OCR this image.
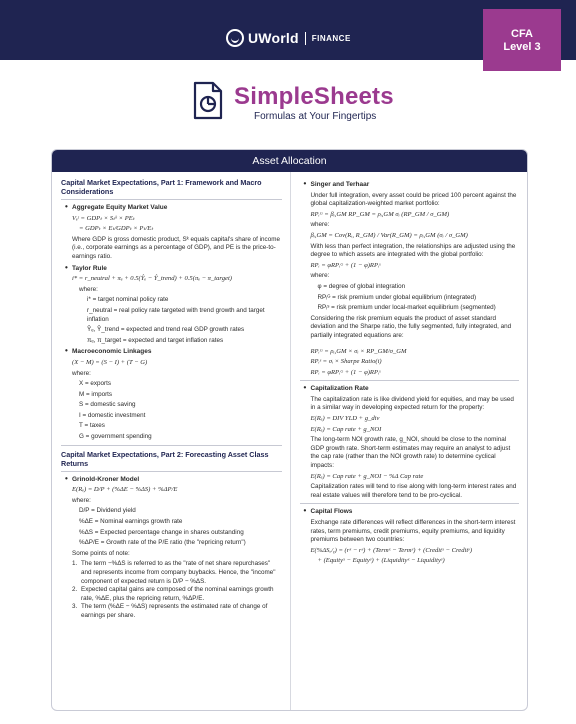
UWorld FINANCE	CFA
Level 3
SimpleSheets
Formulas at Your Fingertips
Asset Allocation
Capital Market Expectations, Part 1: Framework and Macro Considerations
• Aggregate Equity Market Value
Vₑᵗ = GDPₜ × Sₜᵏ × PEₜ
= GDPₜ × Eₜ/GDPₜ × Pₜ/Eₜ
Where GDP is gross domestic product, Sᵏ equals capital's share of income (i.e., corporate earnings as a percentage of GDP), and PE is the price-to-earnings ratio.
• Taylor Rule
i* = r_neutral + πₑ + 0.5(Ŷₑ − Ŷ_trend) + 0.5(πₑ − π_target)
where:
i* = target nominal policy rate
r_neutral = real policy rate targeted with trend growth and target inflation
Ŷₑ, Ŷ_trend = expected and trend real GDP growth rates
πₑ, π_target = expected and target inflation rates
• Macroeconomic Linkages
(X − M) = (S − I) + (T − G)
where:
X = exports
M = imports
S = domestic saving
I = domestic investment
T = taxes
G = government spending
Capital Market Expectations, Part 2: Forecasting Asset Class Returns
• Grinold-Kroner Model
E(Rₑ) = D/P + (%ΔE − %ΔS) + %ΔP/E
where:
D/P = Dividend yield
%ΔE = Nominal earnings growth rate
%ΔS = Expected percentage change in shares outstanding
%ΔP/E = Growth rate of the P/E ratio (the "repricing return")
Some points of note:
1. The term −%ΔS is referred to as the "rate of net share repurchases" and represents income from company buybacks. Hence, the "income" component of expected return is D/P − %ΔS.
2. Expected capital gains are composed of the nominal earnings growth rate, %ΔE, plus the repricing return, %ΔP/E.
3. The term (%ΔE − %ΔS) represents the estimated rate of change of earnings per share.
• Singer and Terhaar
Under full integration, every asset could be priced 100 percent against the global capitalization-weighted market portfolio:
RPᵢᴳ = βᵢ,GM RP_GM = ρᵢ,GM σᵢ (RP_GM / σ_GM)
where:
βᵢ,GM = Cov(Rᵢ, R_GM) / Var(R_GM) = ρᵢ,GM (σᵢ / σ_GM)
With less than perfect integration, the relationships are adjusted using the degree to which assets are integrated with the global portfolio:
RPᵢ = φRPᵢᴳ + (1 − φ)RPᵢˢ
where:
φ = degree of global integration
RPᵢᴳ = risk premium under global equilibrium (integrated)
RPᵢˢ = risk premium under local-market equilibrium (segmented)
Considering the risk premium equals the product of asset standard deviation and the Sharpe ratio, the fully segmented, fully integrated, and partially integrated equations are:
RPᵢᴳ = ρᵢ,GM × σᵢ × RP_GM/σ_GM
RPᵢˢ = σᵢ × Sharpe Ratio(i)
RPᵢ = φRPᵢᴳ + (1 − φ)RPᵢˢ
• Capitalization Rate
The capitalization rate is like dividend yield for equities, and may be used in a similar way in developing expected return for the property:
E(Rₑ) = DIV YLD + g_div
E(Rₑ) = Cap rate + g_NOI
The long-term NOI growth rate, g_NOI, should be close to the nominal GDP growth rate. Short-term estimates may require an analyst to adjust the cap rate (rather than the NOI growth rate) to determine cyclical impacts:
E(Rₑ) = Cap rate + g_NOI − %Δ Cap rate
Capitalization rates will tend to rise along with long-term interest rates and real estate values will therefore tend to be pro-cyclical.
• Capital Flows
Exchange rate differences will reflect differences in the short-term interest rates, term premiums, credit premiums, equity premiums, and liquidity premiums between two countries:
E(%ΔSₓ/ᵧ) = (rˣ − rʸ) + (Termˣ − Termʸ) + (Creditˣ − Creditʸ)
+ (Equityˣ − Equityʸ) + (Liquidityˣ − Liquidityʸ)
